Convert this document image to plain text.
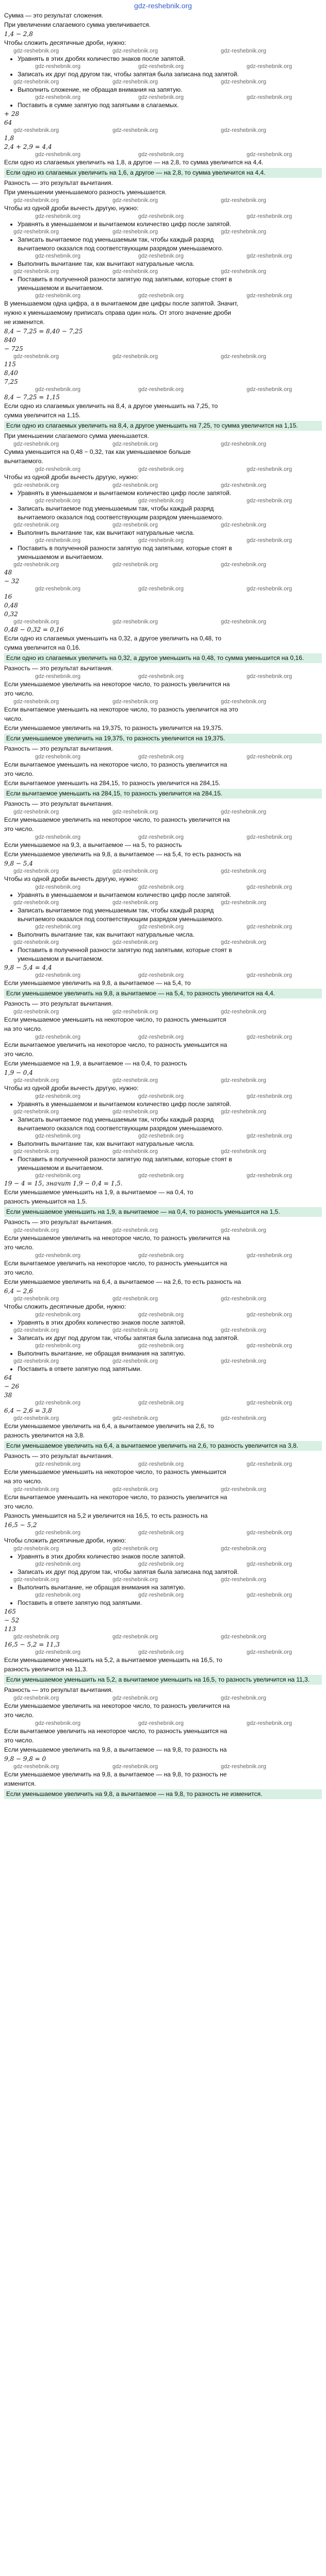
gdz-reshebnik.org
Сумма — это результат сложения.
При увеличении слагаемого сумма увеличивается.
1,4 − 2,8
Чтобы сложить десятичные дроби, нужно:
gdz-reshebnik.org	gdz-reshebnik.org	gdz-reshebnik.org
Уравнять в этих дробях количество знаков после запятой.
gdz-reshebnik.org	gdz-reshebnik.org	gdz-reshebnik.org
Записать их друг под другом так, чтобы запятая была записана под запятой.
gdz-reshebnik.org	gdz-reshebnik.org	gdz-reshebnik.org
Выполнить сложение, не обращая внимания на запятую.
gdz-reshebnik.org	gdz-reshebnik.org	gdz-reshebnik.org
Поставить в сумме запятую под запятыми в слагаемых.
+ 28
64
gdz-reshebnik.org	gdz-reshebnik.org	gdz-reshebnik.org
1,8
2,4 + 2,9 = 4,4
gdz-reshebnik.org	gdz-reshebnik.org	gdz-reshebnik.org
Если одно из слагаемых увеличить на 1,8, а другое — на 2,8, то сумма увеличится на 4,4.
Если одно из слагаемых увеличить на 1,6, а другое — на 2,8, то сумма увеличится на 4,4.
Разность — это результат вычитания.
При уменьшении уменьшаемого разность уменьшается.
gdz-reshebnik.org	gdz-reshebnik.org	gdz-reshebnik.org
Чтобы из одной дроби вычесть другую, нужно:
gdz-reshebnik.org	gdz-reshebnik.org	gdz-reshebnik.org
Уравнять в уменьшаемом и вычитаемом количество цифр после запятой.
gdz-reshebnik.org	gdz-reshebnik.org	gdz-reshebnik.org
Записать вычитаемое под уменьшаемым так, чтобы каждый разряд
вычитаемого оказался под соответствующим разрядом уменьшаемого.
gdz-reshebnik.org	gdz-reshebnik.org	gdz-reshebnik.org
Выполнить вычитание так, как вычитают натуральные числа.
gdz-reshebnik.org	gdz-reshebnik.org	gdz-reshebnik.org
Поставить в полученной разности запятую под запятыми, которые стоят в
уменьшаемом и вычитаемом.
gdz-reshebnik.org	gdz-reshebnik.org	gdz-reshebnik.org
В уменьшаемом одна цифра, а в вычитаемом две цифры после запятой. Значит,
нужно к уменьшаемому приписать справа один ноль. От этого значение дроби
не изменится.
8,4 − 7,25 = 8,40 − 7,25
840
− 725
gdz-reshebnik.org	gdz-reshebnik.org	gdz-reshebnik.org
115
8,40
7,25
gdz-reshebnik.org	gdz-reshebnik.org	gdz-reshebnik.org
8,4 − 7,25 = 1,15
Если одно из слагаемых увеличить на 8,4, а другое уменьшить на 7,25, то
сумма увеличится на 1,15.
Если одно из слагаемых увеличить на 8,4, а другое уменьшить на 7,25, то сумма увеличится на 1,15.
При уменьшении слагаемого сумма уменьшается.
gdz-reshebnik.org	gdz-reshebnik.org	gdz-reshebnik.org
Сумма уменьшится на 0,48 − 0,32, так как уменьшаемое больше
вычитаемого.
gdz-reshebnik.org	gdz-reshebnik.org	gdz-reshebnik.org
Чтобы из одной дроби вычесть другую, нужно:
gdz-reshebnik.org	gdz-reshebnik.org	gdz-reshebnik.org
Уравнять в уменьшаемом и вычитаемом количество цифр после запятой.
gdz-reshebnik.org	gdz-reshebnik.org	gdz-reshebnik.org
Записать вычитаемое под уменьшаемым так, чтобы каждый разряд
вычитаемого оказался под соответствующим разрядом уменьшаемого.
gdz-reshebnik.org	gdz-reshebnik.org	gdz-reshebnik.org
Выполнить вычитание так, как вычитают натуральные числа.
gdz-reshebnik.org	gdz-reshebnik.org	gdz-reshebnik.org
Поставить в полученной разности запятую под запятыми, которые стоят в
уменьшаемом и вычитаемом.
gdz-reshebnik.org	gdz-reshebnik.org	gdz-reshebnik.org
48
− 32
gdz-reshebnik.org	gdz-reshebnik.org	gdz-reshebnik.org
16
0,48
0,32
gdz-reshebnik.org	gdz-reshebnik.org	gdz-reshebnik.org
0,48 − 0,32 = 0,16
Если одно из слагаемых уменьшить на 0,32, а другое увеличить на 0,48, то
сумма увеличится на 0,16.
Если одно из слагаемых увеличить на 0,32, а другое уменьшить на 0,48, то сумма уменьшится на 0,16.
Разность — это результат вычитания.
gdz-reshebnik.org	gdz-reshebnik.org	gdz-reshebnik.org
Если уменьшаемое увеличить на некоторое число, то разность увеличится на
это число.
gdz-reshebnik.org	gdz-reshebnik.org	gdz-reshebnik.org
Если вычитаемое уменьшить на некоторое число, то разность увеличится на это
число.
Если уменьшаемое увеличить на 19,375, то разность увеличится на 19,375.
Если уменьшаемое увеличить на 19,375, то разность увеличится на 19,375.
Разность — это результат вычитания.
gdz-reshebnik.org	gdz-reshebnik.org	gdz-reshebnik.org
Если вычитаемое уменьшить на некоторое число, то разность увеличится на
это число.
Если вычитаемое уменьшить на 284,15, то разность увеличится на 284,15.
Если вычитаемое уменьшить на 284,15, то разность увеличится на 284,15.
Разность — это результат вычитания.
gdz-reshebnik.org	gdz-reshebnik.org	gdz-reshebnik.org
Если уменьшаемое увеличить на некоторое число, то разность увеличится на
это число.
gdz-reshebnik.org	gdz-reshebnik.org	gdz-reshebnik.org
Если уменьшаемое на 9,3, а вычитаемое — на 5, то разность
Если уменьшаемое увеличить на 9,8, а вычитаемое — на 5,4, то есть разность на
9,8 − 5,4
gdz-reshebnik.org	gdz-reshebnik.org	gdz-reshebnik.org
Чтобы из одной дроби вычесть другую, нужно:
gdz-reshebnik.org	gdz-reshebnik.org	gdz-reshebnik.org
Уравнять в уменьшаемом и вычитаемом количество цифр после запятой.
gdz-reshebnik.org	gdz-reshebnik.org	gdz-reshebnik.org
Записать вычитаемое под уменьшаемым так, чтобы каждый разряд
вычитаемого оказался под соответствующим разрядом уменьшаемого.
gdz-reshebnik.org	gdz-reshebnik.org	gdz-reshebnik.org
Выполнить вычитание так, как вычитают натуральные числа.
gdz-reshebnik.org	gdz-reshebnik.org	gdz-reshebnik.org
Поставить в полученной разности запятую под запятыми, которые стоят в
уменьшаемом и вычитаемом.
9,8 − 5,4 = 4,4
gdz-reshebnik.org	gdz-reshebnik.org	gdz-reshebnik.org
Если уменьшаемое увеличить на 9,8, а вычитаемое — на 5,4, то
Если уменьшаемое увеличить на 9,8, а вычитаемое — на 5,4, то разность увеличится на 4,4.
Разность — это результат вычитания.
gdz-reshebnik.org	gdz-reshebnik.org	gdz-reshebnik.org
Если уменьшаемое уменьшить на некоторое число, то разность уменьшится
на это число.
gdz-reshebnik.org	gdz-reshebnik.org	gdz-reshebnik.org
Если вычитаемое увеличить на некоторое число, то разность уменьшится на
это число.
Если уменьшаемое на 1,9, а вычитаемое — на 0,4, то разность
1,9 − 0,4
gdz-reshebnik.org	gdz-reshebnik.org	gdz-reshebnik.org
Чтобы из одной дроби вычесть другую, нужно:
gdz-reshebnik.org	gdz-reshebnik.org	gdz-reshebnik.org
Уравнять в уменьшаемом и вычитаемом количество цифр после запятой.
gdz-reshebnik.org	gdz-reshebnik.org	gdz-reshebnik.org
Записать вычитаемое под уменьшаемым так, чтобы каждый разряд
вычитаемого оказался под соответствующим разрядом уменьшаемого.
gdz-reshebnik.org	gdz-reshebnik.org	gdz-reshebnik.org
Выполнить вычитание так, как вычитают натуральные числа.
gdz-reshebnik.org	gdz-reshebnik.org	gdz-reshebnik.org
Поставить в полученной разности запятую под запятыми, которые стоят в
уменьшаемом и вычитаемом.
gdz-reshebnik.org	gdz-reshebnik.org	gdz-reshebnik.org
19 − 4 = 15, значит 1,9 − 0,4 = 1,5.
Если уменьшаемое уменьшить на 1,9, а вычитаемое — на 0,4, то
разность уменьшится на 1,5.
Если уменьшаемое уменьшить на 1,9, а вычитаемое — на 0,4, то разность уменьшится на 1,5.
Разность — это результат вычитания.
gdz-reshebnik.org	gdz-reshebnik.org	gdz-reshebnik.org
Если уменьшаемое увеличить на некоторое число, то разность увеличится на
это число.
gdz-reshebnik.org	gdz-reshebnik.org	gdz-reshebnik.org
Если вычитаемое увеличить на некоторое число, то разность уменьшится на
это число.
Если уменьшаемое увеличить на 6,4, а вычитаемое — на 2,6, то есть разность на
6,4 − 2,6
gdz-reshebnik.org	gdz-reshebnik.org	gdz-reshebnik.org
Чтобы сложить десятичные дроби, нужно:
gdz-reshebnik.org	gdz-reshebnik.org	gdz-reshebnik.org
Уравнять в этих дробях количество знаков после запятой.
gdz-reshebnik.org	gdz-reshebnik.org	gdz-reshebnik.org
Записать их друг под другом так, чтобы запятая была записана под запятой.
gdz-reshebnik.org	gdz-reshebnik.org	gdz-reshebnik.org
Выполнить вычитание, не обращая внимания на запятую.
gdz-reshebnik.org	gdz-reshebnik.org	gdz-reshebnik.org
Поставить в ответе запятую под запятыми.
64
− 26
38
gdz-reshebnik.org	gdz-reshebnik.org	gdz-reshebnik.org
6,4 − 2,6 = 3,8
gdz-reshebnik.org	gdz-reshebnik.org	gdz-reshebnik.org
Если уменьшаемое увеличить на 6,4, а вычитаемое увеличить на 2,6, то
разность увеличится на 3,8.
Если уменьшаемое увеличить на 6,4, а вычитаемое увеличить на 2,6, то разность увеличится на 3,8.
Разность — это результат вычитания.
gdz-reshebnik.org	gdz-reshebnik.org	gdz-reshebnik.org
Если уменьшаемое уменьшить на некоторое число, то разность уменьшится
на это число.
gdz-reshebnik.org	gdz-reshebnik.org	gdz-reshebnik.org
Если вычитаемое уменьшить на некоторое число, то разность увеличится на
это число.
Разность уменьшится на 5,2 и увеличится на 16,5, то есть разность на
16,5 − 5,2
gdz-reshebnik.org	gdz-reshebnik.org	gdz-reshebnik.org
Чтобы сложить десятичные дроби, нужно:
gdz-reshebnik.org	gdz-reshebnik.org	gdz-reshebnik.org
Уравнять в этих дробях количество знаков после запятой.
gdz-reshebnik.org	gdz-reshebnik.org	gdz-reshebnik.org
Записать их друг под другом так, чтобы запятая была записана под запятой.
gdz-reshebnik.org	gdz-reshebnik.org	gdz-reshebnik.org
Выполнить вычитание, не обращая внимания на запятую.
gdz-reshebnik.org	gdz-reshebnik.org	gdz-reshebnik.org
Поставить в ответе запятую под запятыми.
165
− 52
113
gdz-reshebnik.org	gdz-reshebnik.org	gdz-reshebnik.org
16,5 − 5,2 = 11,3
gdz-reshebnik.org	gdz-reshebnik.org	gdz-reshebnik.org
Если уменьшаемое уменьшить на 5,2, а вычитаемое уменьшить на 16,5, то
разность увеличится на 11,3.
Если уменьшаемое уменьшить на 5,2, а вычитаемое уменьшить на 16,5, то разность увеличится на 11,3.
Разность — это результат вычитания.
gdz-reshebnik.org	gdz-reshebnik.org	gdz-reshebnik.org
Если уменьшаемое увеличить на некоторое число, то разность увеличится на
это число.
gdz-reshebnik.org	gdz-reshebnik.org	gdz-reshebnik.org
Если вычитаемое увеличить на некоторое число, то разность уменьшится на
это число.
Если уменьшаемое увеличить на 9,8, а вычитаемое — на 9,8, то разность на
9,8 − 9,8 = 0
gdz-reshebnik.org	gdz-reshebnik.org	gdz-reshebnik.org
Если уменьшаемое увеличить на 9,8, а вычитаемое — на 9,8, то разность не
изменится.
Если уменьшаемое увеличить на 9,8, а вычитаемое — на 9,8, то разность не изменится.
